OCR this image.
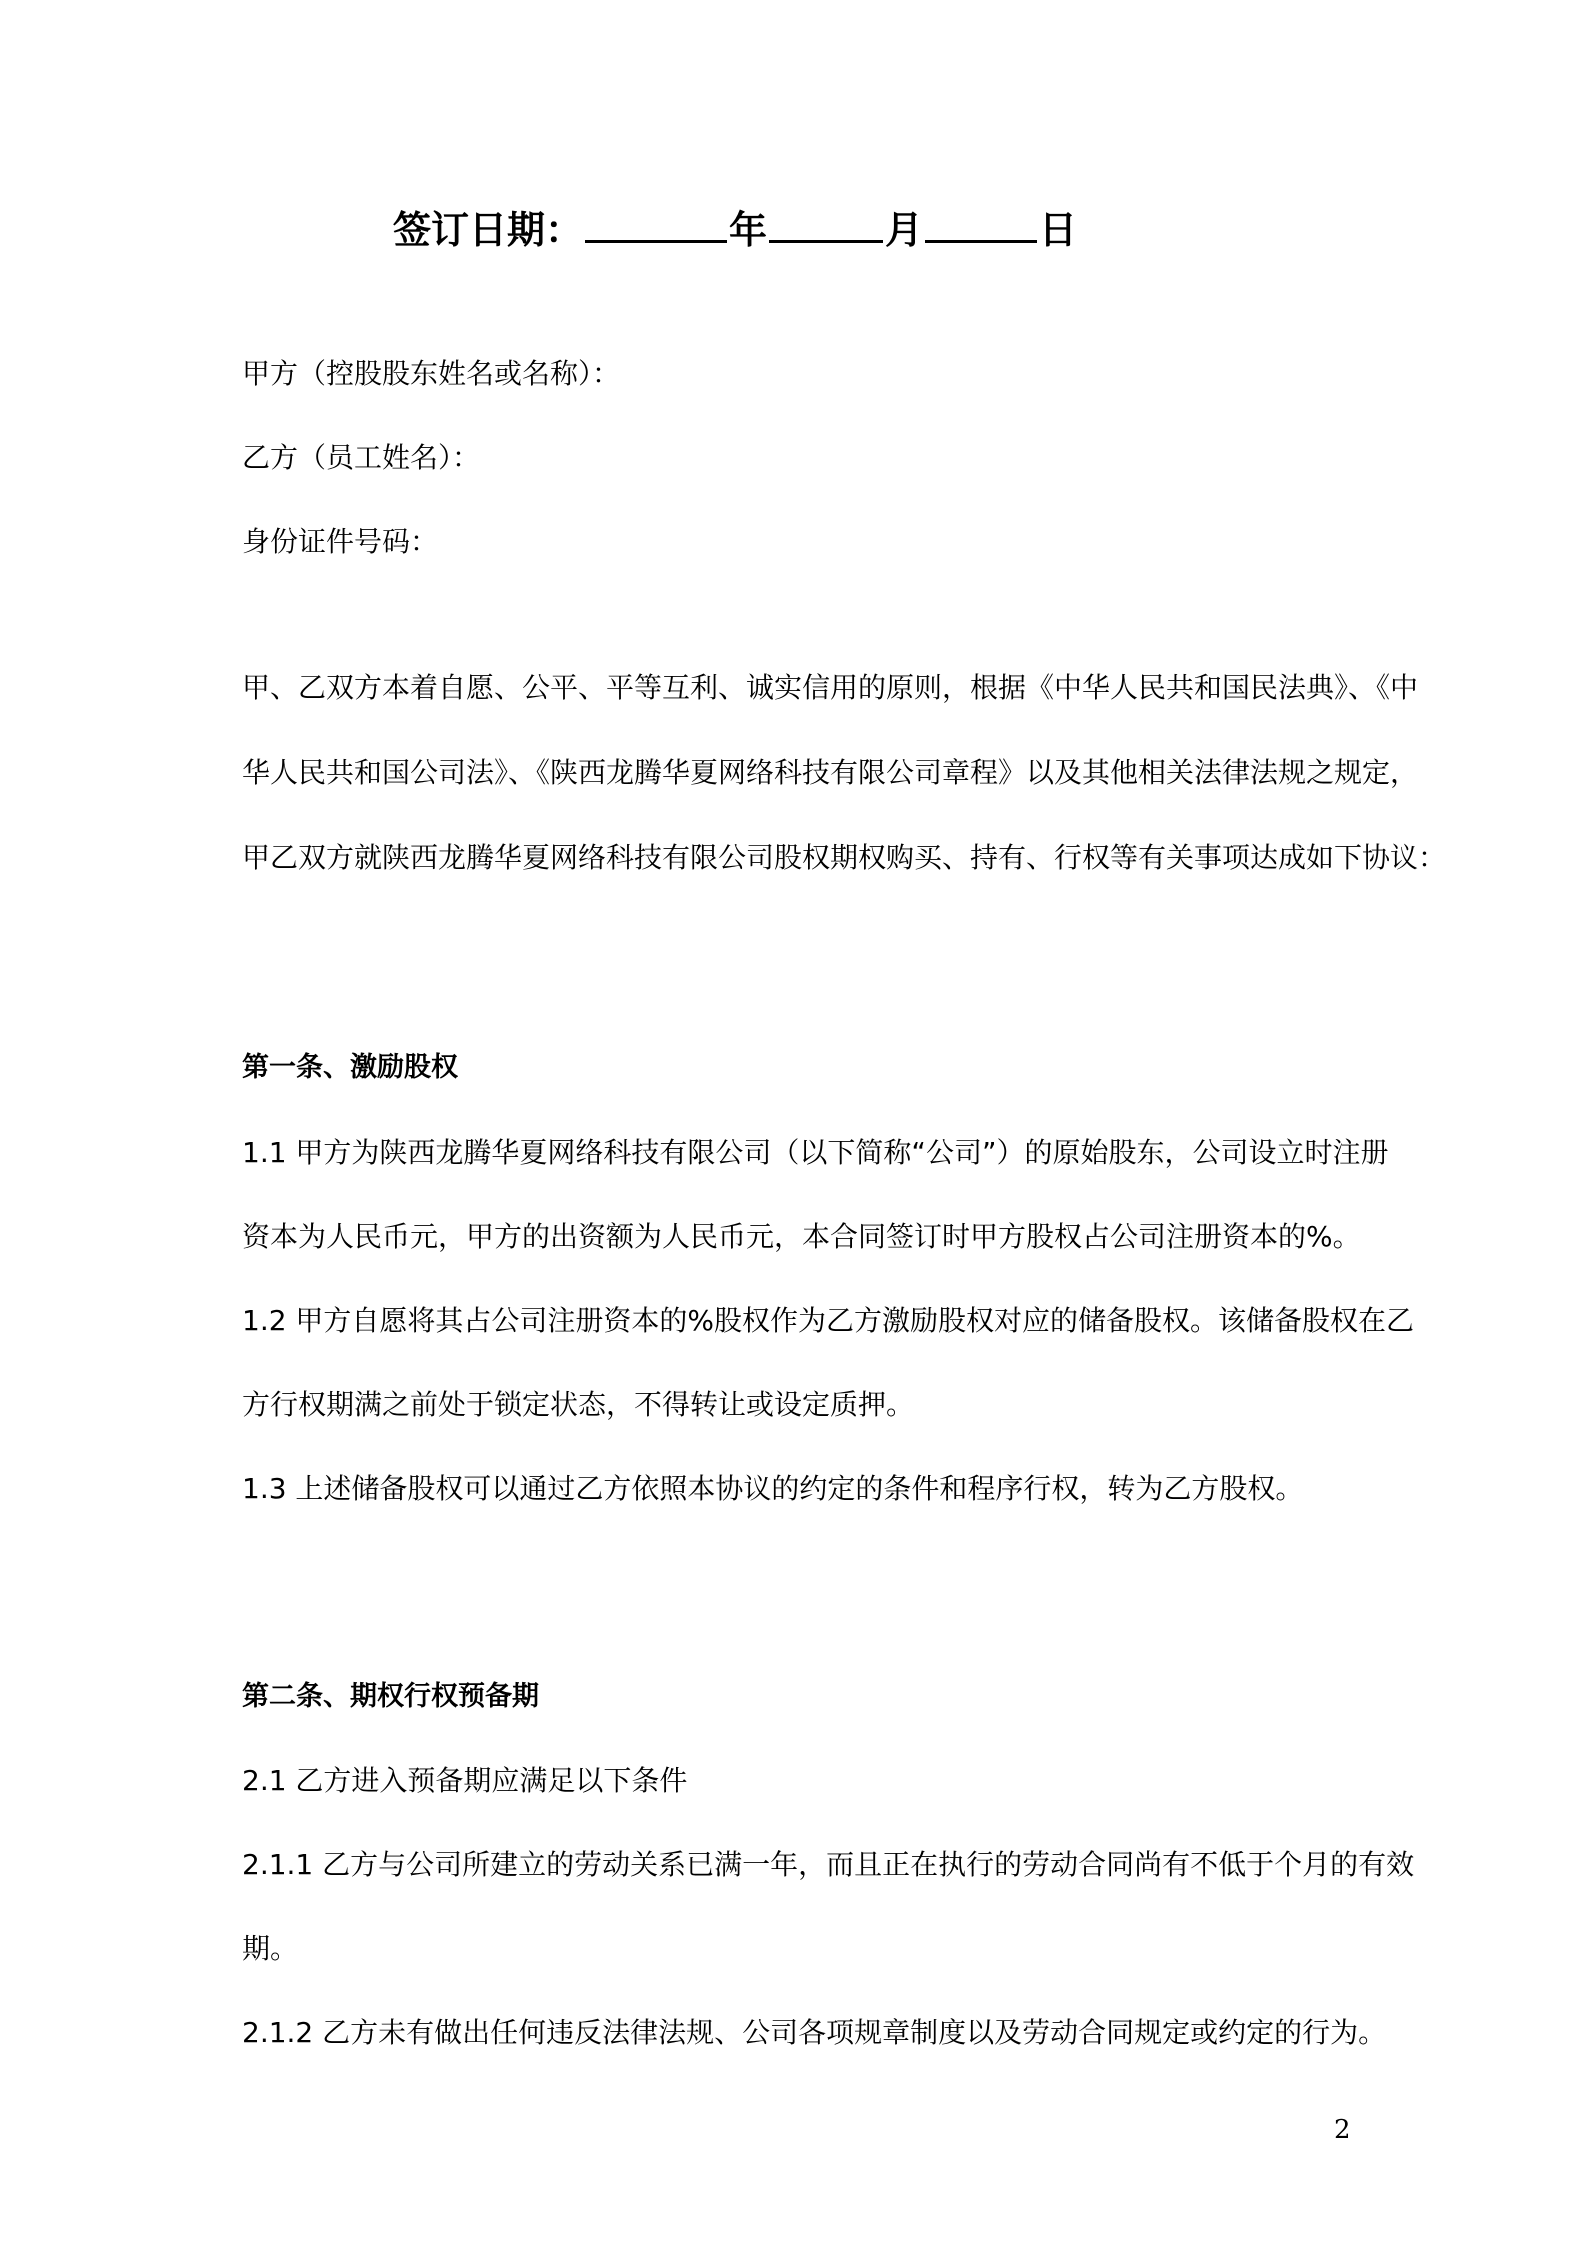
签订日期：	年	月	日
甲方（控股股东姓名或名称）：
乙方（员工姓名）：
身份证件号码：
甲、乙双方本着自愿、公平、平等互利、诚实信用的原则，根据《中华人民共和国民法典》、《中
华人民共和国公司法》、《陕西龙腾华夏网络科技有限公司章程》以及其他相关法律法规之规定，
甲乙双方就陕西龙腾华夏网络科技有限公司股权期权购买、持有、行权等有关事项达成如下协议：
第一条、激励股权
1.1 甲方为陕西龙腾华夏网络科技有限公司（以下简称“公司”）的原始股东，公司设立时注册
资本为人民币元，甲方的出资额为人民币元，本合同签订时甲方股权占公司注册资本的%。
1.2 甲方自愿将其占公司注册资本的%股权作为乙方激励股权对应的储备股权。该储备股权在乙
方行权期满之前处于锁定状态，不得转让或设定质押。
1.3 上述储备股权可以通过乙方依照本协议的约定的条件和程序行权，转为乙方股权。
第二条、期权行权预备期
2.1 乙方进入预备期应满足以下条件
2.1.1 乙方与公司所建立的劳动关系已满一年，而且正在执行的劳动合同尚有不低于个月的有效
期。
2.1.2 乙方未有做出任何违反法律法规、公司各项规章制度以及劳动合同规定或约定的行为。
2
